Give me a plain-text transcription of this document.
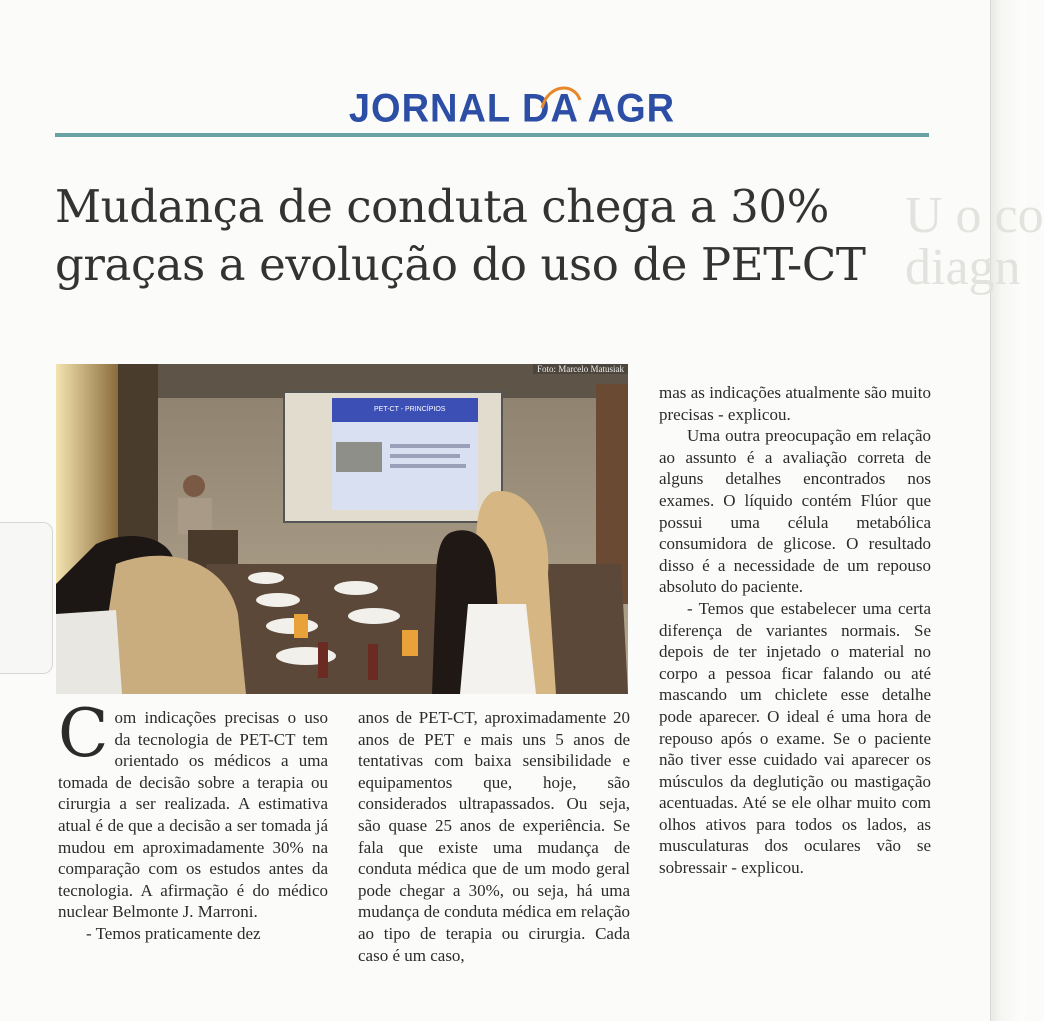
U o co
diagn
JORNAL DA AGR
Mudança de conduta chega a 30%
graças a evolução do uso de PET-CT
PET-CT - PRINCÍPIOS
Foto: Marcelo Matusiak

Com indicações precisas o uso da tecnologia de PET-CT tem orientado os médicos a uma tomada de decisão sobre a terapia ou cirurgia a ser realizada. A estimativa atual é de que a decisão a ser tomada já mudou em aproximadamente 30% na comparação com os estudos antes da tecnologia. A afirmação é do médico nuclear Belmonte J. Marroni.

- Temos praticamente dez

anos de PET-CT, aproximadamente 20 anos de PET e mais uns 5 anos de tentativas com baixa sensibilidade e equipamentos que, hoje, são considerados ultrapassados. Ou seja, são quase 25 anos de experiência. Se fala que existe uma mudança de conduta médica que de um modo geral pode chegar a 30%, ou seja, há uma mudança de conduta médica em relação ao tipo de terapia ou cirurgia. Cada caso é um caso,

mas as indicações atualmente são muito precisas - explicou.

Uma outra preocupação em relação ao assunto é a avaliação correta de alguns detalhes encontrados nos exames. O líquido contém Flúor que possui uma célula metabólica consumidora de glicose. O resultado disso é a necessidade de um repouso absoluto do paciente.

- Temos que estabelecer uma certa diferença de variantes normais. Se depois de ter injetado o material no corpo a pessoa ficar falando ou até mascando um chiclete esse detalhe pode aparecer. O ideal é uma hora de repouso após o exame. Se o paciente não tiver esse cuidado vai aparecer os músculos da deglutição ou mastigação acentuadas. Até se ele olhar muito com olhos ativos para todos os lados, as musculaturas dos oculares vão se sobressair - explicou.
